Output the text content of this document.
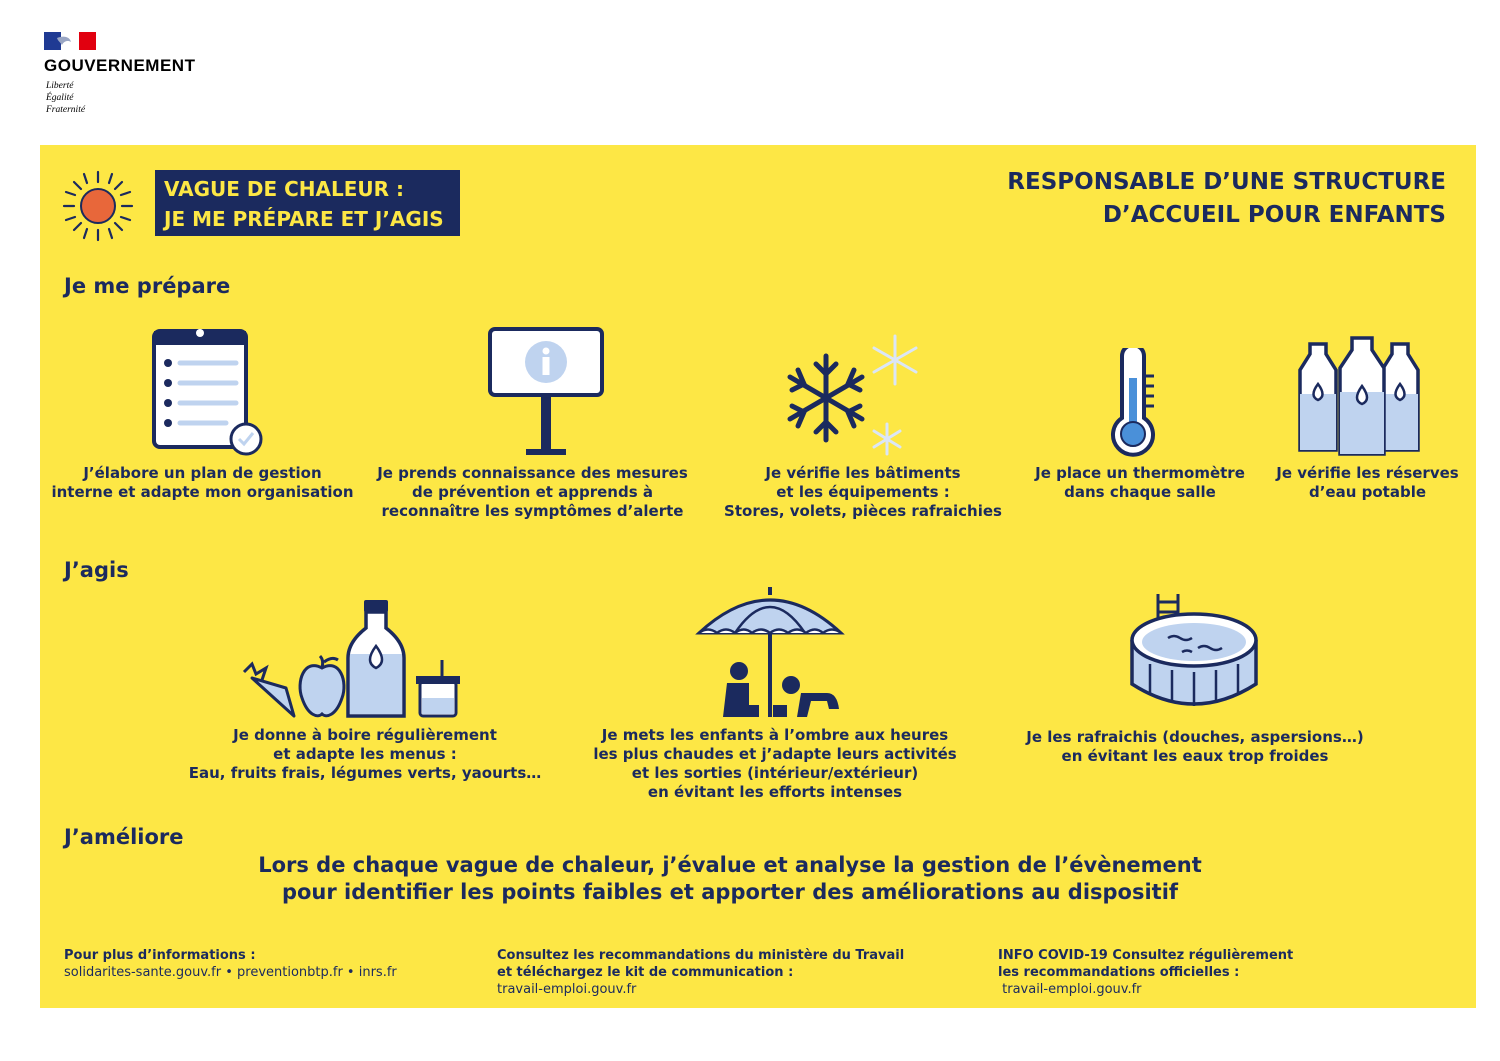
GOUVERNEMENT
Liberté
Égalité
Fraternité
VAGUE DE CHALEUR :
JE ME PRÉPARE ET J’AGIS
RESPONSABLE D’UNE STRUCTURE
D’ACCUEIL POUR ENFANTS
Je me prépare
J’élabore un plan de gestion
interne et adapte mon organisation
Je prends connaissance des mesures
de prévention et apprends à
reconnaître les symptômes d’alerte
Je vérifie les bâtiments
et les équipements :
Stores, volets, pièces rafraichies
Je place un thermomètre
dans chaque salle
Je vérifie les réserves
d’eau potable
J’agis
Je donne à boire régulièrement
et adapte les menus :
Eau, fruits frais, légumes verts, yaourts…
Je mets les enfants à l’ombre aux heures
les plus chaudes et j’adapte leurs activités
et les sorties (intérieur/extérieur)
en évitant les efforts intenses
Je les rafraichis (douches, aspersions…)
en évitant les eaux trop froides
J’améliore
Lors de chaque vague de chaleur, j’évalue et analyse la gestion de l’évènement
pour identifier les points faibles et apporter des améliorations au dispositif
Pour plus d’informations :
solidarites-sante.gouv.fr • preventionbtp.fr • inrs.fr
Consultez les recommandations du ministère du Travail
et téléchargez le kit de communication :
travail-emploi.gouv.fr
INFO COVID-19 Consultez régulièrement
les recommandations officielles :
travail-emploi.gouv.fr
